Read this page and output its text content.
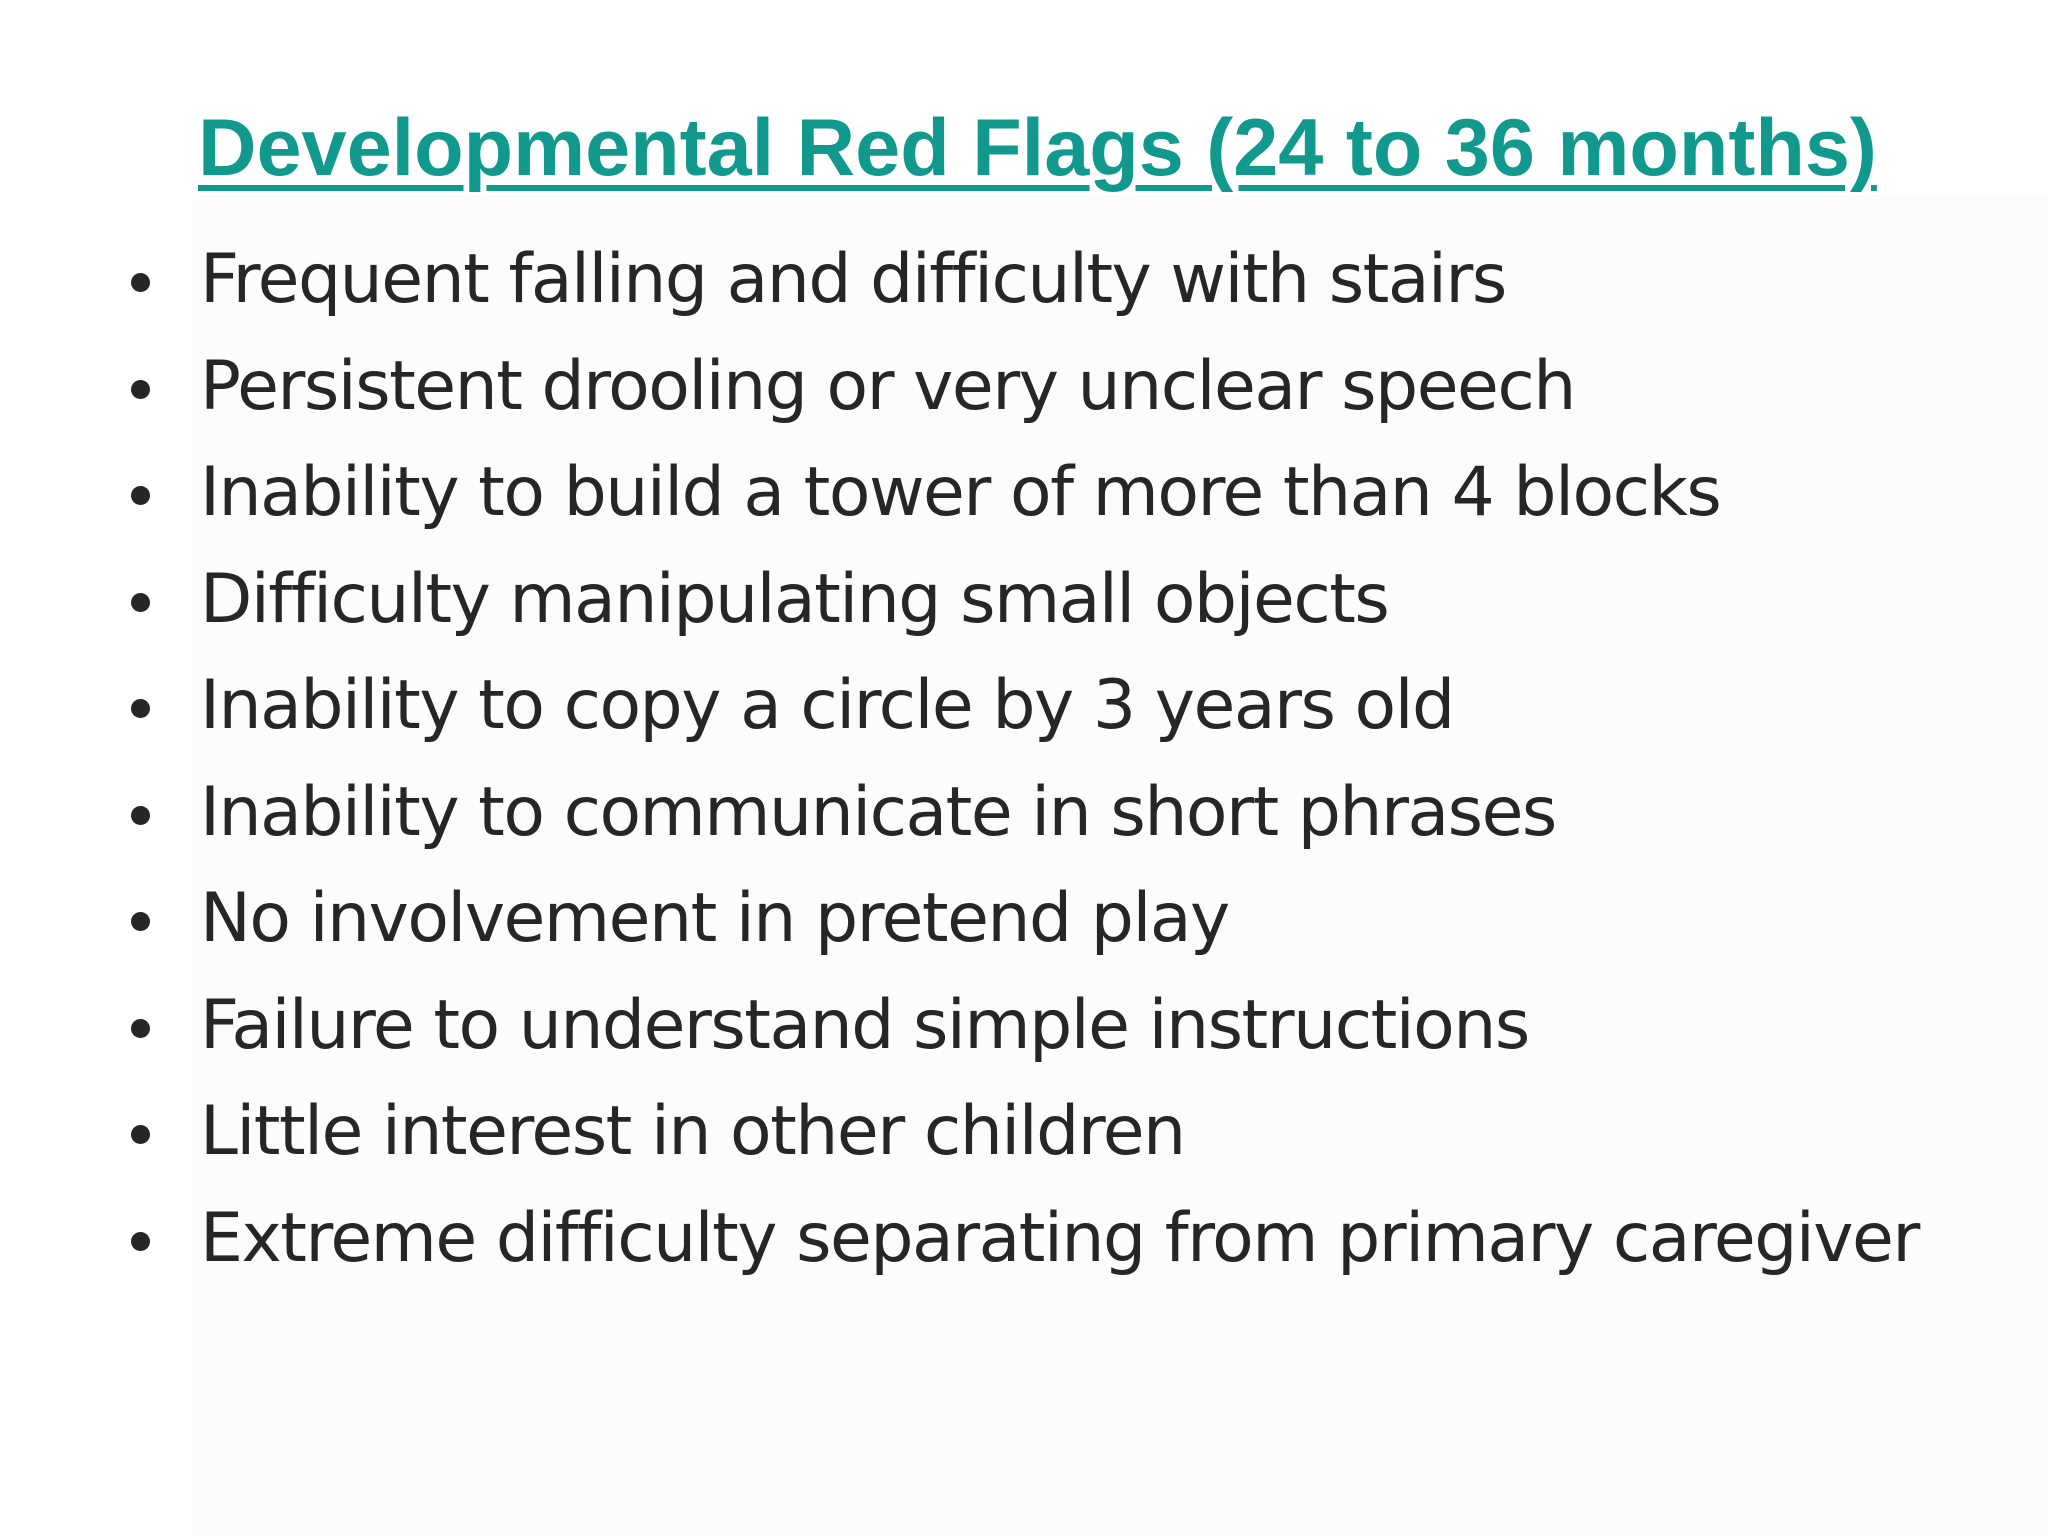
Developmental Red Flags (24 to 36 months)
Frequent falling and difficulty with stairs
Persistent drooling or very unclear speech
Inability to build a tower of more than 4 blocks
Difficulty manipulating small objects
Inability to copy a circle by 3 years old
Inability to communicate in short phrases
No involvement in pretend play
Failure to understand simple instructions
Little interest in other children
Extreme difficulty separating from primary caregiver
